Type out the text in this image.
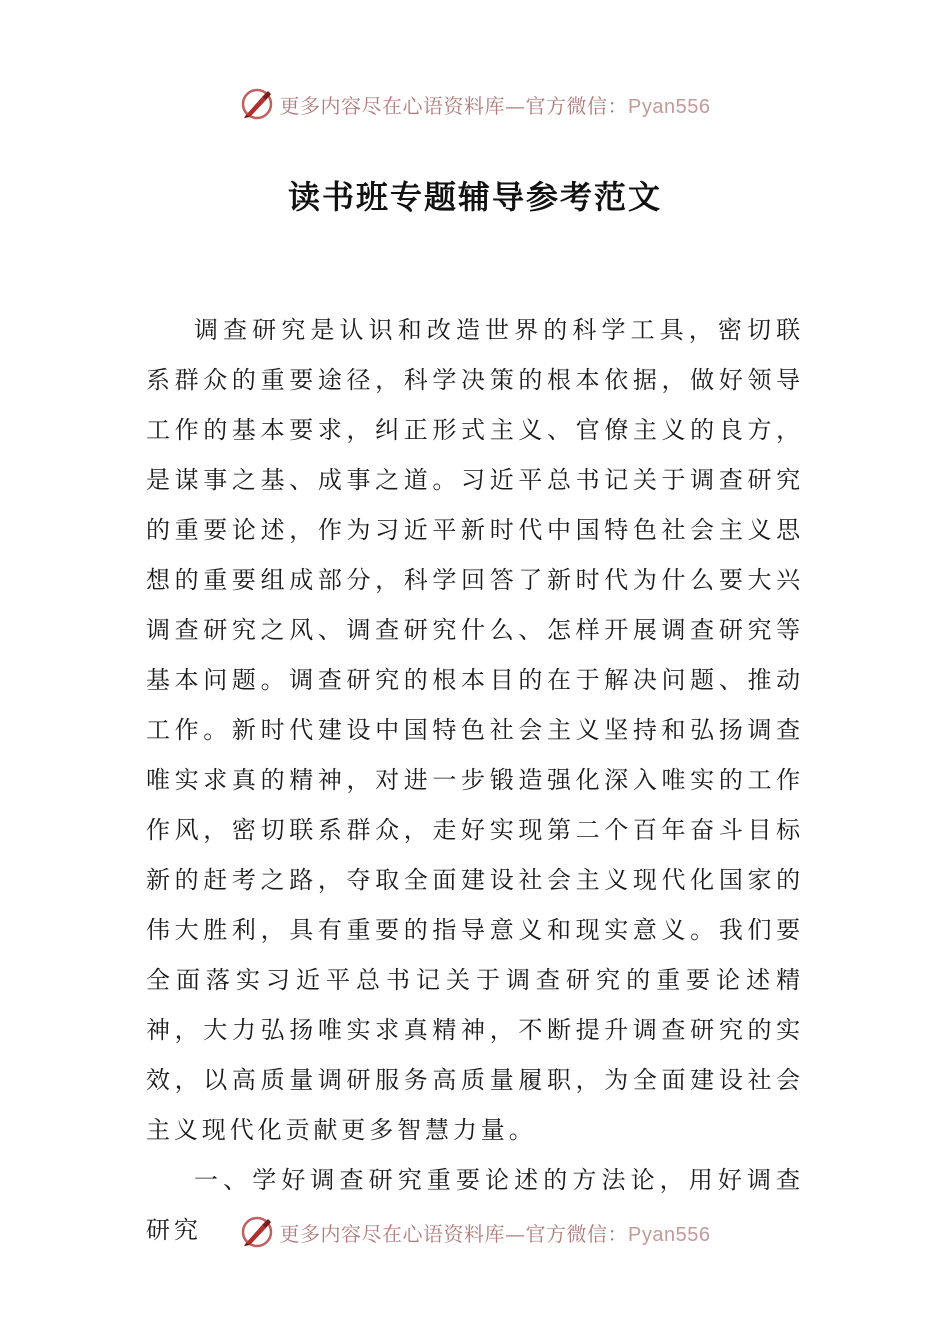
更多内容尽在心语资料库—官方微信：Pyan556
读书班专题辅导参考范文

调查研究是认识和改造世界的科学工具，密切联系群众的重要途径，科学决策的根本依据，做好领导工作的基本要求，纠正形式主义、官僚主义的良方，是谋事之基、成事之道。习近平总书记关于调查研究的重要论述，作为习近平新时代中国特色社会主义思想的重要组成部分，科学回答了新时代为什么要大兴调查研究之风、调查研究什么、怎样开展调查研究等基本问题。调查研究的根本目的在于解决问题、推动工作。新时代建设中国特色社会主义坚持和弘扬调查唯实求真的精神，对进一步锻造强化深入唯实的工作作风，密切联系群众，走好实现第二个百年奋斗目标新的赶考之路，夺取全面建设社会主义现代化国家的伟大胜利，具有重要的指导意义和现实意义。我们要全面落实习近平总书记关于调查研究的重要论述精神，大力弘扬唯实求真精神，不断提升调查研究的实效，以高质量调研服务高质量履职，为全面建设社会主义现代化贡献更多智慧力量。

一、学好调查研究重要论述的方法论，用好调查研究	更多内容尽在心语资料库—官方微信：Pyan556
